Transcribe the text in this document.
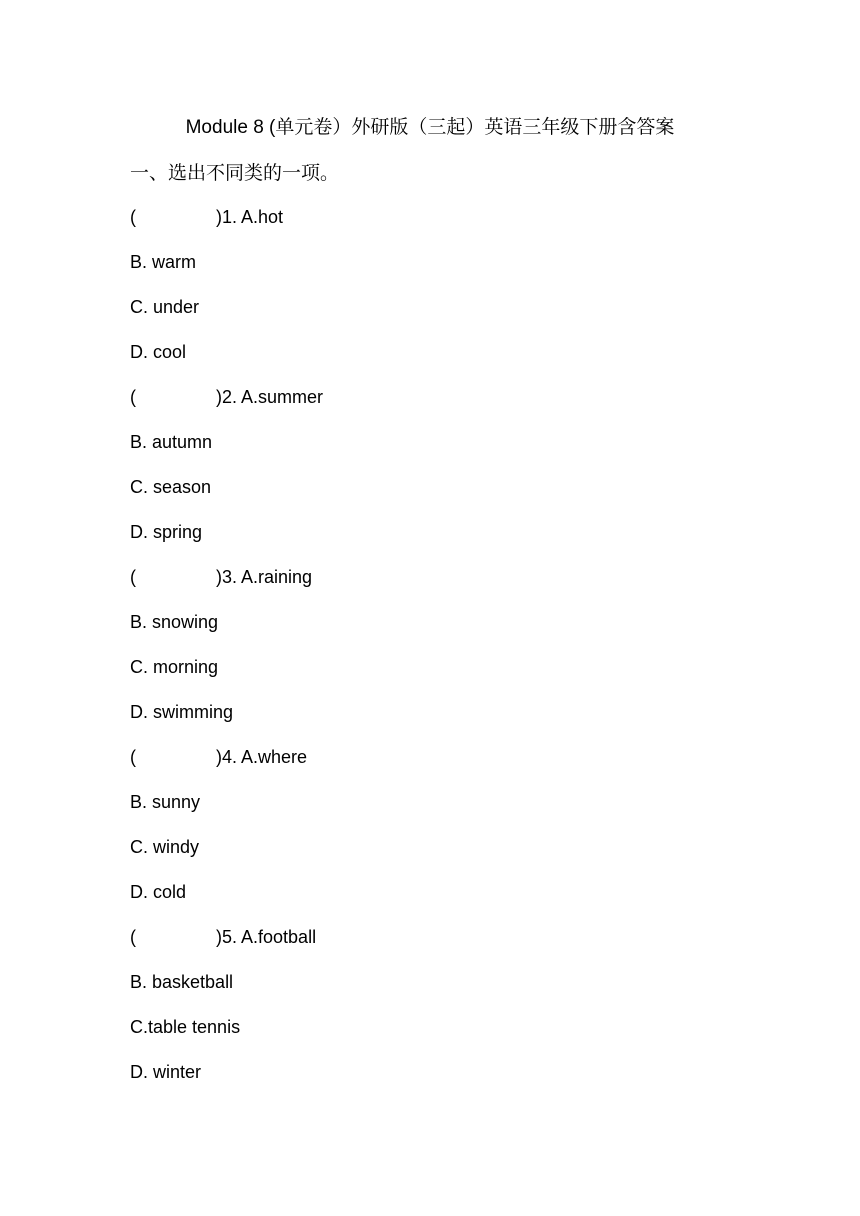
Module 8 (单元卷）外研版（三起）英语三年级下册含答案
一、选出不同类的一项。
(	)1. A.hot
B. warm
C. under
D. cool
(	)2. A.summer
B. autumn
C. season
D. spring
(	)3. A.raining
B. snowing
C. morning
D. swimming
(	)4. A.where
B. sunny
C. windy
D. cold
(	)5. A.football
B. basketball
C.table tennis
D. winter
